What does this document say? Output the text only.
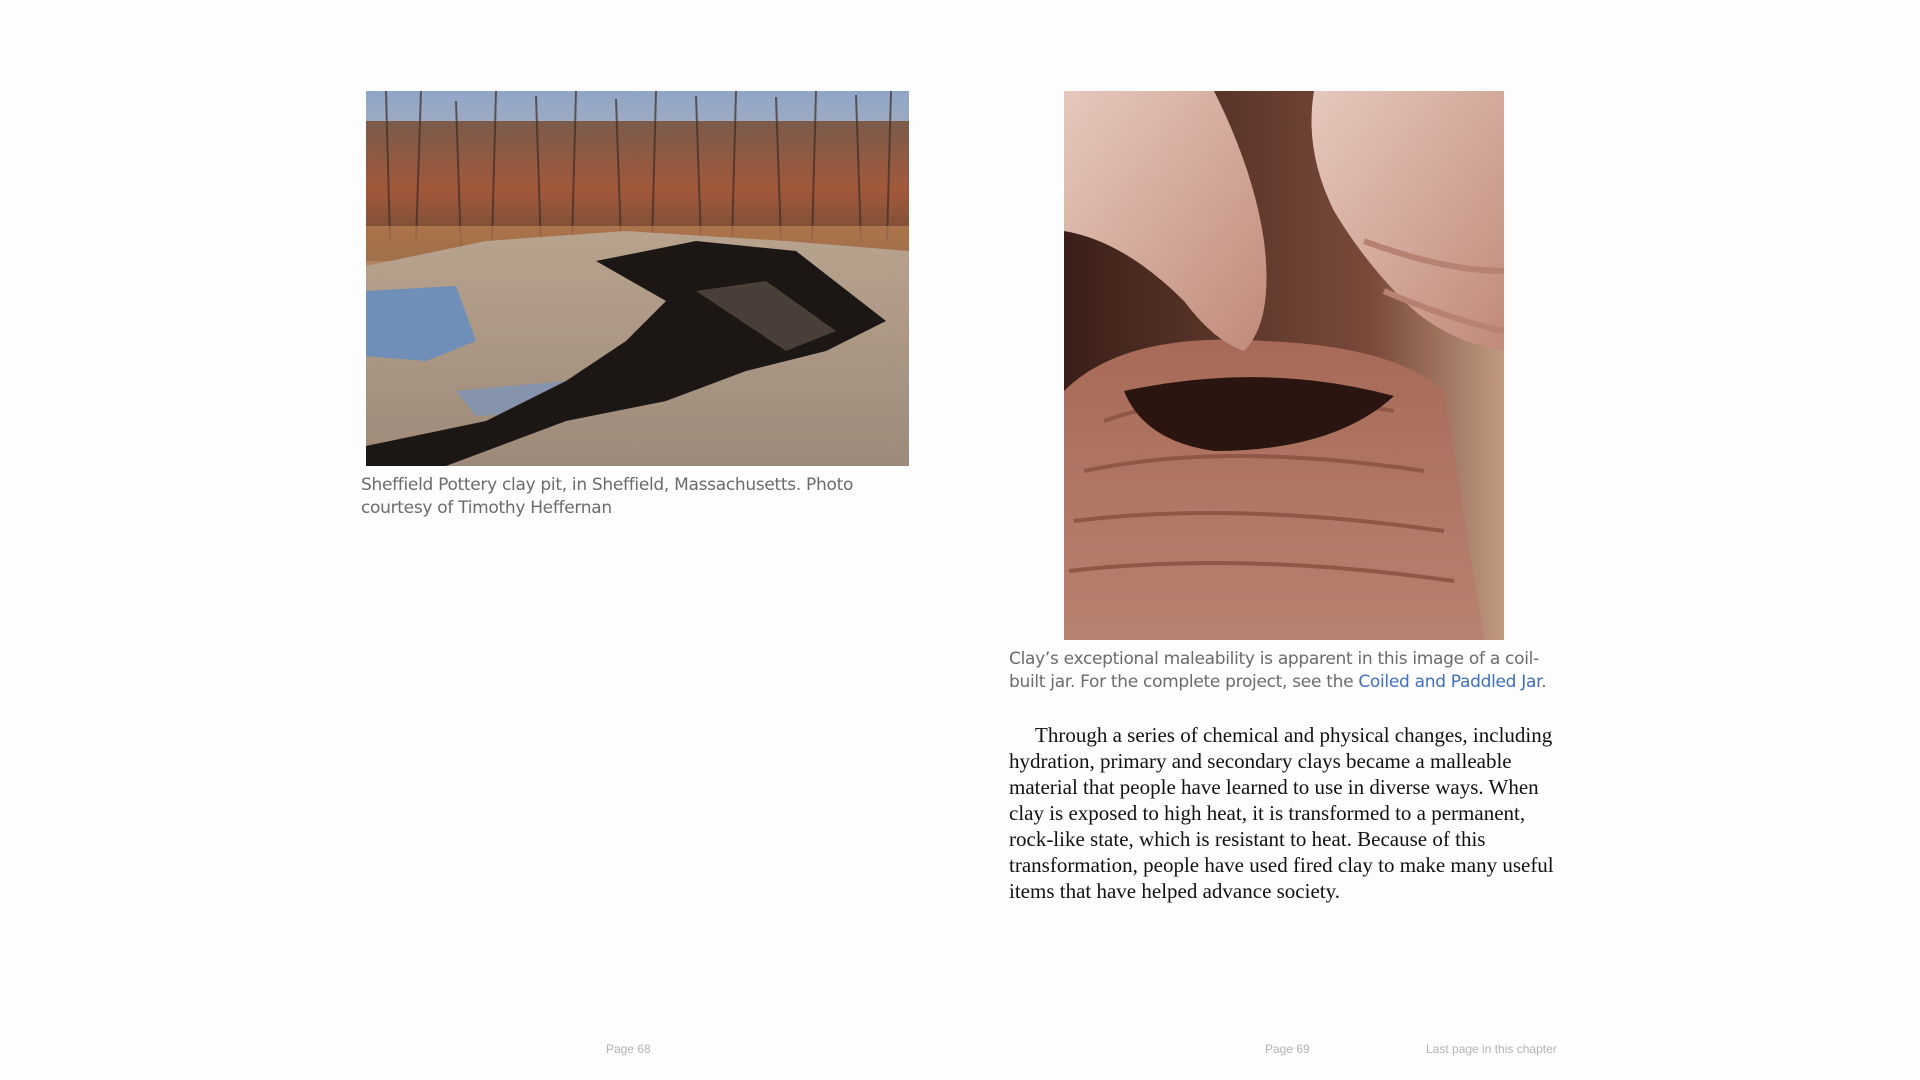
Sheffield Pottery clay pit, in Sheffield, Massachusetts. Photo courtesy of Timothy Heffernan
Clay’s exceptional maleability is apparent in this image of a coil-built jar. For the complete project, see the Coiled and Paddled Jar.

Through a series of chemical and physical changes, including hydration, primary and secondary clays became a malleable material that people have learned to use in diverse ways. When clay is exposed to high heat, it is transformed to a permanent, rock-like state, which is resistant to heat. Because of this transformation, people have used fired clay to make many useful items that have helped advance society.

Page 68	Page 69	Last page in this chapter
